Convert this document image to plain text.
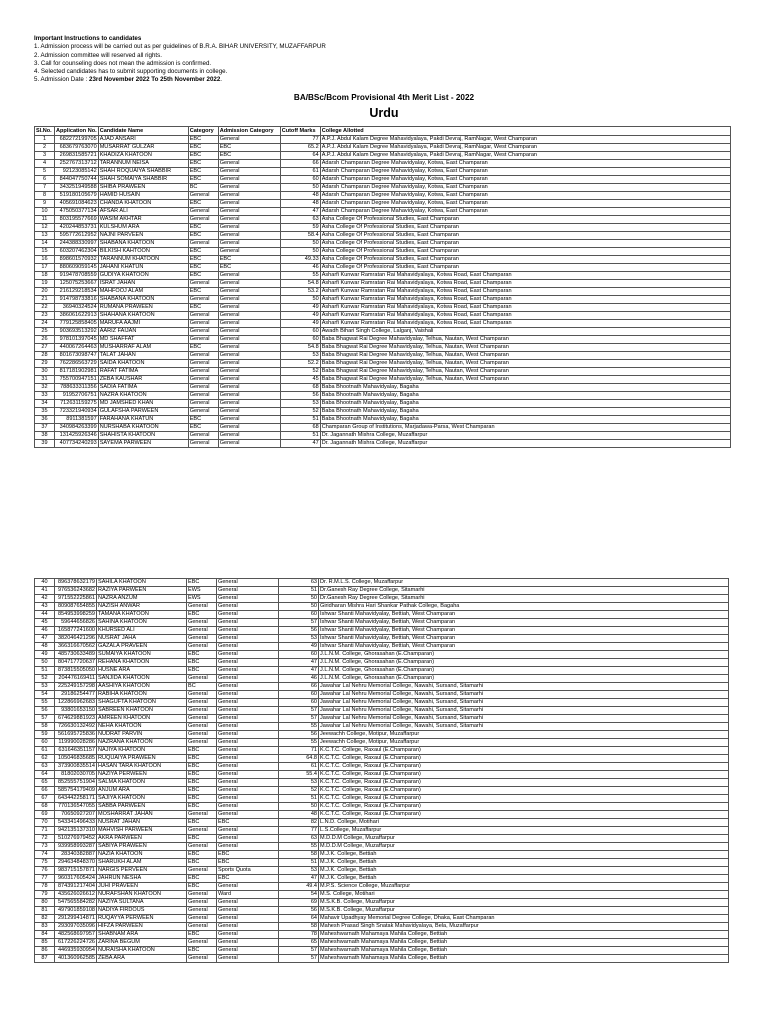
Important Instructions to candidates
1. Admission process will be carried out as per guidelines of B.R.A. BIHAR UNIVERSITY, MUZAFFARPUR
2. Admission committee will reserved all rights.
3. Call for counseling does not mean the admission is confirmed.
4. Selected candidates has to submit supporting documents in college.
5. Admission Date : 23rd November 2022 To 25th November 2022.
BA/BSc/Bcom Provisional 4th Merit List - 2022
Urdu
Sl.No.	Application No.	Candidate Name	Category	Admission Category	Cutoff Marks	College Allotted
1	682272199705	AJAD ANSARI	EBC	General	77	A.P.J. Abdul Kalam Degree Mahavidyalaya, Pakdi Devraj, RamNagar, West Champaran
2	683679763070	MUSARRAT GULZAR	EBC	EBC	65.2	A.P.J. Abdul Kalam Degree Mahavidyalaya, Pakdi Devraj, RamNagar, West Champaran
3	269831585721	KHADIZA KHATOON	EBC	EBC	64	A.P.J. Abdul Kalam Degree Mahavidyalaya, Pakdi Devraj, RamNagar, West Champaran
4	252767313712	TARANNUM NEISA	EBC	General	66	Adarsh Champaran Degree Mahavidyalay, Kotwa, East Champaran
5	92123085142	SHAH ROQUAIYA SHABBIR	EBC	General	61	Adarsh Champaran Degree Mahavidyalay, Kotwa, East Champaran
6	844047750744	SHAH SOMAIYA SHABBIR	EBC	General	60	Adarsh Champaran Degree Mahavidyalay, Kotwa, East Champaran
7	343251949588	SHIBA PRAWEEN	BC	General	50	Adarsh Champaran Degree Mahavidyalay, Kotwa, East Champaran
8	519180105679	HAMID HUSAIN	General	General	48	Adarsh Champaran Degree Mahavidyalay, Kotwa, East Champaran
9	405691084623	CHANDA KHATOON	EBC	General	48	Adarsh Champaran Degree Mahavidyalay, Kotwa, East Champaran
10	475050377134	AFSAR ALI	General	General	47	Adarsh Champaran Degree Mahavidyalay, Kotwa, East Champaran
11	803195577669	WASIM AKHTAR	General	General	63	Asha College Of Professional Studies, East Champaran
12	420244853731	KULSHUM ARA	EBC	General	59	Asha College Of Professional Studies, East Champaran
13	595772612952	NAJNI PARVEEN	EBC	General	58.4	Asha College Of Professional Studies, East Champaran
14	244388330997	SHABANA KHATOON	General	General	50	Asha College Of Professional Studies, East Champaran
15	603207462304	BILKISH KAHTOON	EBC	General	50	Asha College Of Professional Studies, East Champaran
16	898601570932	TARANNUM KHATOON	EBC	EBC	49.33	Asha College Of Professional Studies, East Champaran
17	880609059145	JAHANI KHATUN	EBC	EBC	46	Asha College Of Professional Studies, East Champaran
18	919478708559	GUDIYA KHATOON	EBC	General	55	Asharfi Kunwar Ramratan Rai Mahavidyalaya, Kotwa Road, East Champaran
19	125075253667	ISRAT JAHAN	General	General	54.8	Asharfi Kunwar Ramratan Rai Mahavidyalaya, Kotwa Road, East Champaran
20	216129218534	MAHFOOJ ALAM	EBC	General	53.2	Asharfi Kunwar Ramratan Rai Mahavidyalaya, Kotwa Road, East Champaran
21	914798733816	SHABANA KHATOON	General	General	50	Asharfi Kunwar Ramratan Rai Mahavidyalaya, Kotwa Road, East Champaran
22	36940324524	RUMANA PRAWEEN	EBC	General	49	Asharfi Kunwar Ramratan Rai Mahavidyalaya, Kotwa Road, East Champaran
23	386061622913	SHAHANA KHATOON	General	General	49	Asharfi Kunwar Ramratan Rai Mahavidyalaya, Kotwa Road, East Champaran
24	779125858405	MARUFA AAJMI	General	General	49	Asharfi Kunwar Ramratan Rai Mahavidyalaya, Kotwa Road, East Champaran
25	903693513292	AARIZ FAIJAN	General	General	60	Awadh Bihari Singh College, Lalganj, Vaishali
26	978101397045	MD SHAFFAT	General	General	60	Baba Bhagwat Rai Degree Mahavidyalay, Telhua, Nautan, West Champaran
27	440067264463	MUSHARRAF ALAM	EBC	General	54.8	Baba Bhagwat Rai Degree Mahavidyalay, Telhua, Nautan, West Champaran
28	801673098747	TALAT JAHAN	General	General	53	Baba Bhagwat Rai Degree Mahavidyalay, Telhua, Nautan, West Champaran
29	762286563729	SAIDA KHATOON	General	General	52.2	Baba Bhagwat Rai Degree Mahavidyalay, Telhua, Nautan, West Champaran
30	817181902981	RAFAT FATIMA	General	General	52	Baba Bhagwat Rai Degree Mahavidyalay, Telhua, Nautan, West Champaran
31	755700947151	ZEBA KAUSHAR	General	General	45	Baba Bhagwat Rai Degree Mahavidyalay, Telhua, Nautan, West Champaran
32	788633311356	SADIA FATIMA	General	General	68	Baba Bhootnath Mahavidyalay, Bagaha
33	91952706751	NAZRA KHATOON	General	General	56	Baba Bhootnath Mahavidyalay, Bagaha
34	712631159275	MD JAMSHED KHAN	General	General	53	Baba Bhootnath Mahavidyalay, Bagaha
35	723321940934	GULAFSHA PARWEEN	General	General	52	Baba Bhootnath Mahavidyalay, Bagaha
36	8911381597	FARAHANA KHATUN	EBC	General	51	Baba Bhootnath Mahavidyalay, Bagaha
37	340984263399	NURSHABA KHATOON	EBC	General	68	Champaran Group of Institutions, Marjadawa-Parsa, West Champaran
38	131425926346	SHAHISTA KHATOON	General	General	51	Dr. Jagannath Mishra College, Muzaffarpur
39	407734240293	SAYEMA PARWEEN	General	General	47	Dr. Jagannath Mishra College, Muzaffarpur
40	896378632179	SAHILA KHATOON	EBC	General	63	Dr. R.M.L.S. College, Muzaffarpur
41	976536243682	RAZIYA PARWEEN	EWS	General	51	Dr.Ganesh Ray Degree College, Sitamarhi
42	971552225861	NAZRA ANZUM	EWS	General	50	Dr.Ganesh Ray Degree College, Sitamarhi
43	809087654855	NAZISH ANWAR	General	General	50	Giridharan Mishra Hari Shankar Pathak College, Bagaha
44	854953998259	TAMANA KHATOON	EBC	General	60	Ishwar Shanti Mahavidyalay, Bettiah, West Champaran
45	59644656826	SAHINA KHATOON	General	General	57	Ishwar Shanti Mahavidyalay, Bettiah, West Champaran
46	165877241600	KHURSED ALI	General	General	56	Ishwar Shanti Mahavidyalay, Bettiah, West Champaran
47	382046421296	NUSRAT JAHA	General	General	53	Ishwar Shanti Mahavidyalay, Bettiah, West Champaran
48	366316670562	GAZALA PRAVEEN	General	General	49	Ishwar Shanti Mahavidyalay, Bettiah, West Champaran
49	485730633489	SUMAIYA KHATOON	EBC	General	60	J.L.N.M. College, Ghorasahan (E.Champaran)
50	804717720637	REHANA KHATOON	EBC	General	47	J.L.N.M. College, Ghorasahan (E.Champaran)
51	873815505050	HUSNE ARA	EBC	General	47	J.L.N.M. College, Ghorasahan (E.Champaran)
52	204476169411	SANJIDA KHATOON	General	General	46	J.L.N.M. College, Ghorasahan (E.Champaran)
53	225249157298	AASHIYA KHATOON	BC	General	66	Jawahar Lal Nehru Memorial College, Nawahi, Sursand, Sitamarhi
54	29186254477	RABIHA KHATOON	General	General	60	Jawahar Lal Nehru Memorial College, Nawahi, Sursand, Sitamarhi
55	122866962683	SHAGUFTA KHATOON	General	General	60	Jawahar Lal Nehru Memorial College, Nawahi, Sursand, Sitamarhi
56	93801653150	SABREEN KHATOON	General	General	57	Jawahar Lal Nehru Memorial College, Nawahi, Sursand, Sitamarhi
57	674629881923	AMREEN KHATOON	General	General	57	Jawahar Lal Nehru Memorial College, Nawahi, Sursand, Sitamarhi
58	726630132492	NEHA KHATOON	General	General	55	Jawahar Lal Nehru Memorial College, Nawahi, Sursand, Sitamarhi
59	561695725836	NUDRAT PARVIN	General	General	56	Jeewachh College, Motipur, Muzaffarpur
60	119990028286	NAZRANA KHATOON	General	General	55	Jeewachh College, Motipur, Muzaffarpur
61	631646351157	NAJIYA KHATOON	EBC	General	71	K.C.T.C. College, Raxaul (E.Champaran)
62	105046835685	RUQUAIYA PRAWEEN	EBC	General	64.8	K.C.T.C. College, Raxaul (E.Champaran)
63	373900835514	HASAN TARA KHATOON	EBC	General	61	K.C.T.C. College, Raxaul (E.Champaran)
64	81802030705	NAZIYA PERWEEN	EBC	General	55.4	K.C.T.C. College, Raxaul (E.Champaran)
65	852555751904	SALMA KHATOON	EBC	General	53	K.C.T.C. College, Raxaul (E.Champaran)
66	585754179409	ANJUM ARA	EBC	General	52	K.C.T.C. College, Raxaul (E.Champaran)
67	643442258171	SAJIYA KHATOON	EBC	General	51	K.C.T.C. College, Raxaul (E.Champaran)
68	770136547055	SABBA PARWEEN	EBC	General	50	K.C.T.C. College, Raxaul (E.Champaran)
69	70650927207	MOSHARRAT JAHAN	General	General	48	K.C.T.C. College, Raxaul (E.Champaran)
70	543341496433	NUSRAT JAHAN	EBC	EBC	82	L.N.D. College, Motihari
71	942135137310	MAHVISH PARWEEN	General	General	77	L.S.College, Muzaffarpur
72	510276979452	AKRA PARWEEN	EBC	General	63	M.D.D.M College, Muzaffarpur
73	939958993287	SABIYA PRAWEEN	General	General	55	M.D.D.M College, Muzaffarpur
74	28340382887	NAZIA KHATOON	EBC	EBC	58	M.J.K. College, Bettiah
75	294634848370	SHARUKH ALAM	EBC	EBC	51	M.J.K. College, Bettiah
76	983715157871	NARGIS PERVEEN	General	Sports Quota	53	M.J.K. College, Bettiah
77	960317605424	JAHRUN NESHA	EBC	EBC	47	M.J.K. College, Bettiah
78	874391217404	JUHI PRAVEEN	EBC	General	49.4	M.P.S. Science College, Muzaffarpur
79	435626026612	NURAFSHAN KHATOON	General	Ward	54	M.S. College, Motihari
80	547565584282	NAZIYA SULTANA	General	General	69	M.S.K.B. College, Muzaffarpur
81	497901859108	NADIYA FIRDOUS	General	General	56	M.S.K.B. College, Muzaffarpur
82	291299414871	RUQAYYA PERWEEN	General	General	64	Mahavir Upadhyay Memorial Degree College, Dhaka, East Champaran
83	293097035096	HIFZA PARWEEN	General	General	58	Mahesh Prasad Singh Snatak Mahavidyalaya, Bela, Muzaffarpur
84	482568697957	SHABNAM ARA	EBC	General	78	Maheshwarnath Mahamaya Mahila College, Bettiah
85	617226224726	ZARINA BEGUM	General	General	65	Maheshwarnath Mahamaya Mahila College, Bettiah
86	446935930954	NURAISHA KHATOON	EBC	General	57	Maheshwarnath Mahamaya Mahila College, Bettiah
87	401360962585	ZEBA ARA	General	General	57	Maheshwarnath Mahamaya Mahila College, Bettiah
